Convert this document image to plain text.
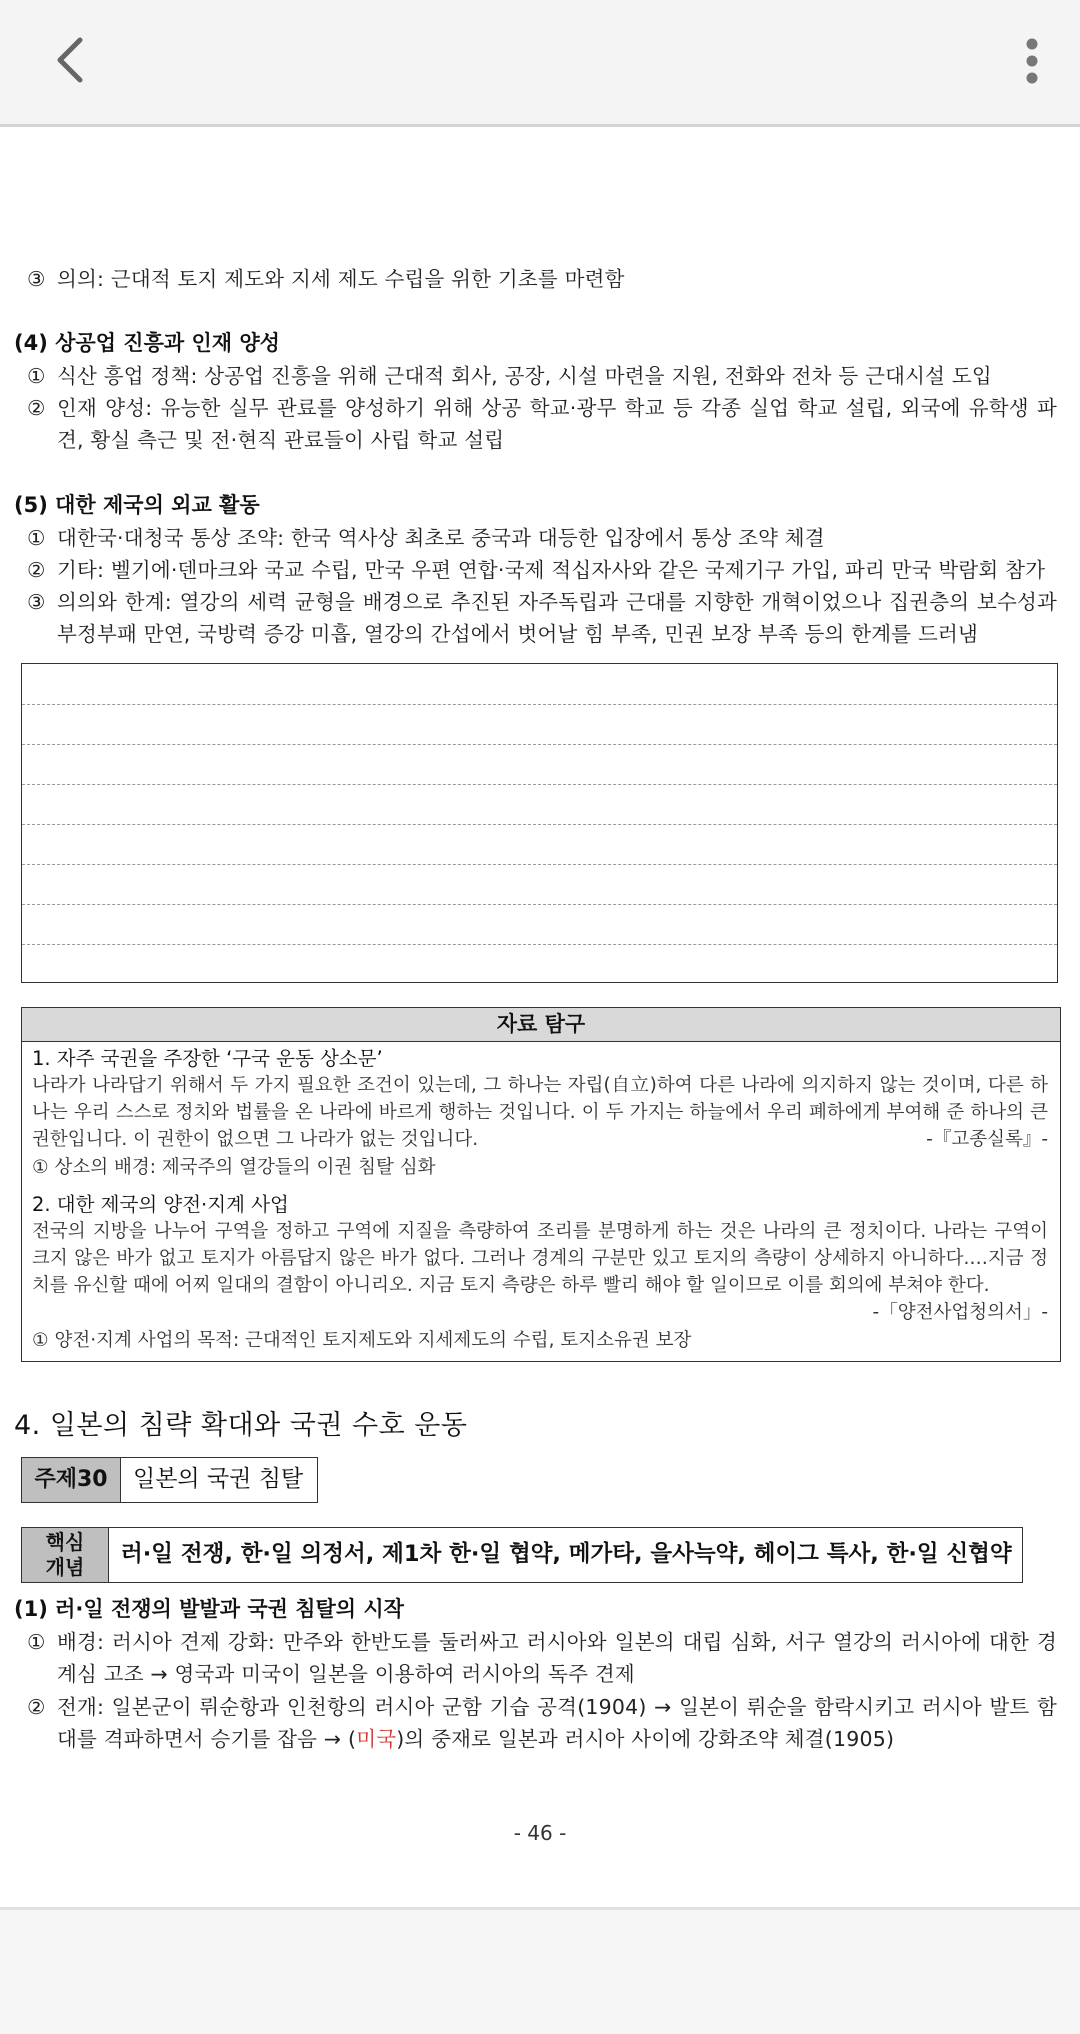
③ 의의: 근대적 토지 제도와 지세 제도 수립을 위한 기초를 마련함
(4) 상공업 진흥과 인재 양성
① 식산 흥업 정책: 상공업 진흥을 위해 근대적 회사, 공장, 시설 마련을 지원, 전화와 전차 등 근대시설 도입
② 인재 양성: 유능한 실무 관료를 양성하기 위해 상공 학교·광무 학교 등 각종 실업 학교 설립, 외국에 유학생 파견, 황실 측근 및 전·현직 관료들이 사립 학교 설립
(5) 대한 제국의 외교 활동
① 대한국·대청국 통상 조약: 한국 역사상 최초로 중국과 대등한 입장에서 통상 조약 체결
② 기타: 벨기에·덴마크와 국교 수립, 만국 우편 연합·국제 적십자사와 같은 국제기구 가입, 파리 만국 박람회 참가
③ 의의와 한계: 열강의 세력 균형을 배경으로 추진된 자주독립과 근대를 지향한 개혁이었으나 집권층의 보수성과 부정부패 만연, 국방력 증강 미흡, 열강의 간섭에서 벗어날 힘 부족, 민권 보장 부족 등의 한계를 드러냄
자료 탐구
1. 자주 국권을 주장한 ‘구국 운동 상소문’
나라가 나라답기 위해서 두 가지 필요한 조건이 있는데, 그 하나는 자립(自立)하여 다른 나라에 의지하지 않는 것이며, 다른 하나는 우리 스스로 정치와 법률을 온 나라에 바르게 행하는 것입니다. 이 두 가지는 하늘에서 우리 폐하에게 부여해 준 하나의 큰 권한입니다. 이 권한이 없으면 그 나라가 없는 것입니다.	-『고종실록』-
① 상소의 배경: 제국주의 열강들의 이권 침탈 심화
2. 대한 제국의 양전·지계 사업
전국의 지방을 나누어 구역을 정하고 구역에 지질을 측량하여 조리를 분명하게 하는 것은 나라의 큰 정치이다. 나라는 구역이 크지 않은 바가 없고 토지가 아름답지 않은 바가 없다. 그러나 경계의 구분만 있고 토지의 측량이 상세하지 아니하다.…지금 정치를 유신할 때에 어찌 일대의 결함이 아니리오. 지금 토지 측량은 하루 빨리 해야 할 일이므로 이를 회의에 부쳐야 한다.
-「양전사업청의서」-
① 양전·지계 사업의 목적: 근대적인 토지제도와 지세제도의 수립, 토지소유권 보장
4. 일본의 침략 확대와 국권 수호 운동
주제30	일본의 국권 침탈
핵심
개념	러·일 전쟁, 한·일 의정서, 제1차 한·일 협약, 메가타, 을사늑약, 헤이그 특사, 한·일 신협약
(1) 러·일 전쟁의 발발과 국권 침탈의 시작
① 배경: 러시아 견제 강화: 만주와 한반도를 둘러싸고 러시아와 일본의 대립 심화, 서구 열강의 러시아에 대한 경계심 고조 → 영국과 미국이 일본을 이용하여 러시아의 독주 견제
② 전개: 일본군이 뤼순항과 인천항의 러시아 군함 기습 공격(1904) → 일본이 뤼순을 함락시키고 러시아 발트 함대를 격파하면서 승기를 잡음 → (미국)의 중재로 일본과 러시아 사이에 강화조약 체결(1905)
- 46 -
